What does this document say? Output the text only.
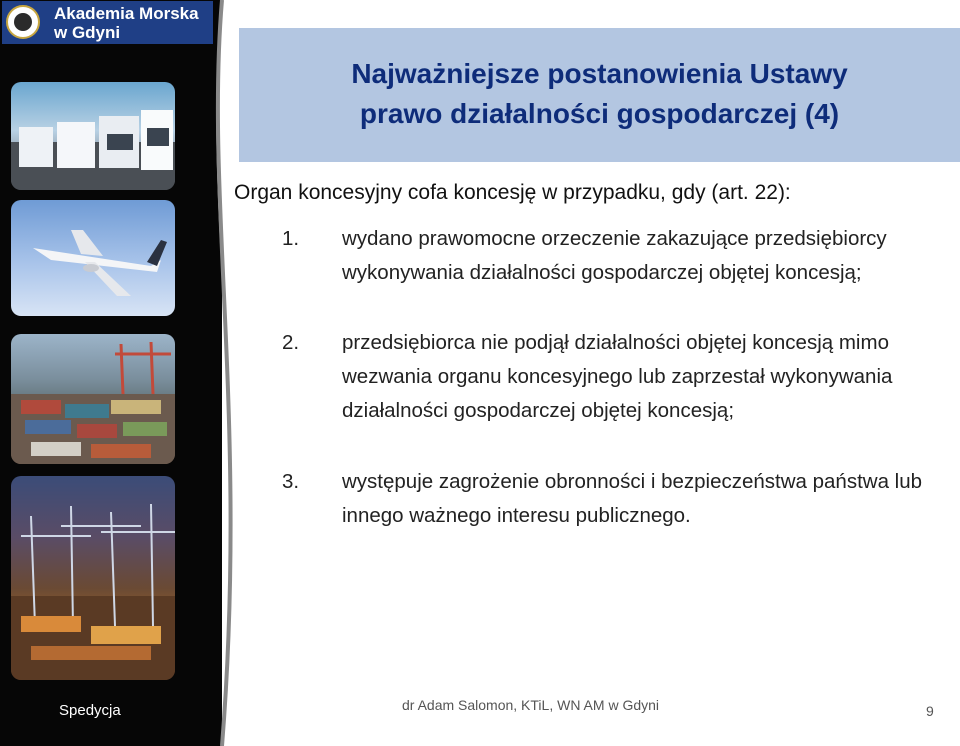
Akademia Morska
w Gdyni
Najważniejsze postanowienia Ustawy
prawo działalności gospodarczej (4)
Organ koncesyjny cofa koncesję w przypadku, gdy (art. 22):
1. wydano prawomocne orzeczenie zakazujące przedsiębiorcy wykonywania działalności gospodarczej objętej koncesją;
2. przedsiębiorca nie podjął działalności objętej koncesją mimo wezwania organu koncesyjnego lub zaprzestał wykonywania działalności gospodarczej objętej koncesją;
3. występuje zagrożenie obronności i bezpieczeństwa państwa lub innego ważnego interesu publicznego.
Spedycja	dr Adam Salomon, KTiL, WN AM w Gdyni	9
